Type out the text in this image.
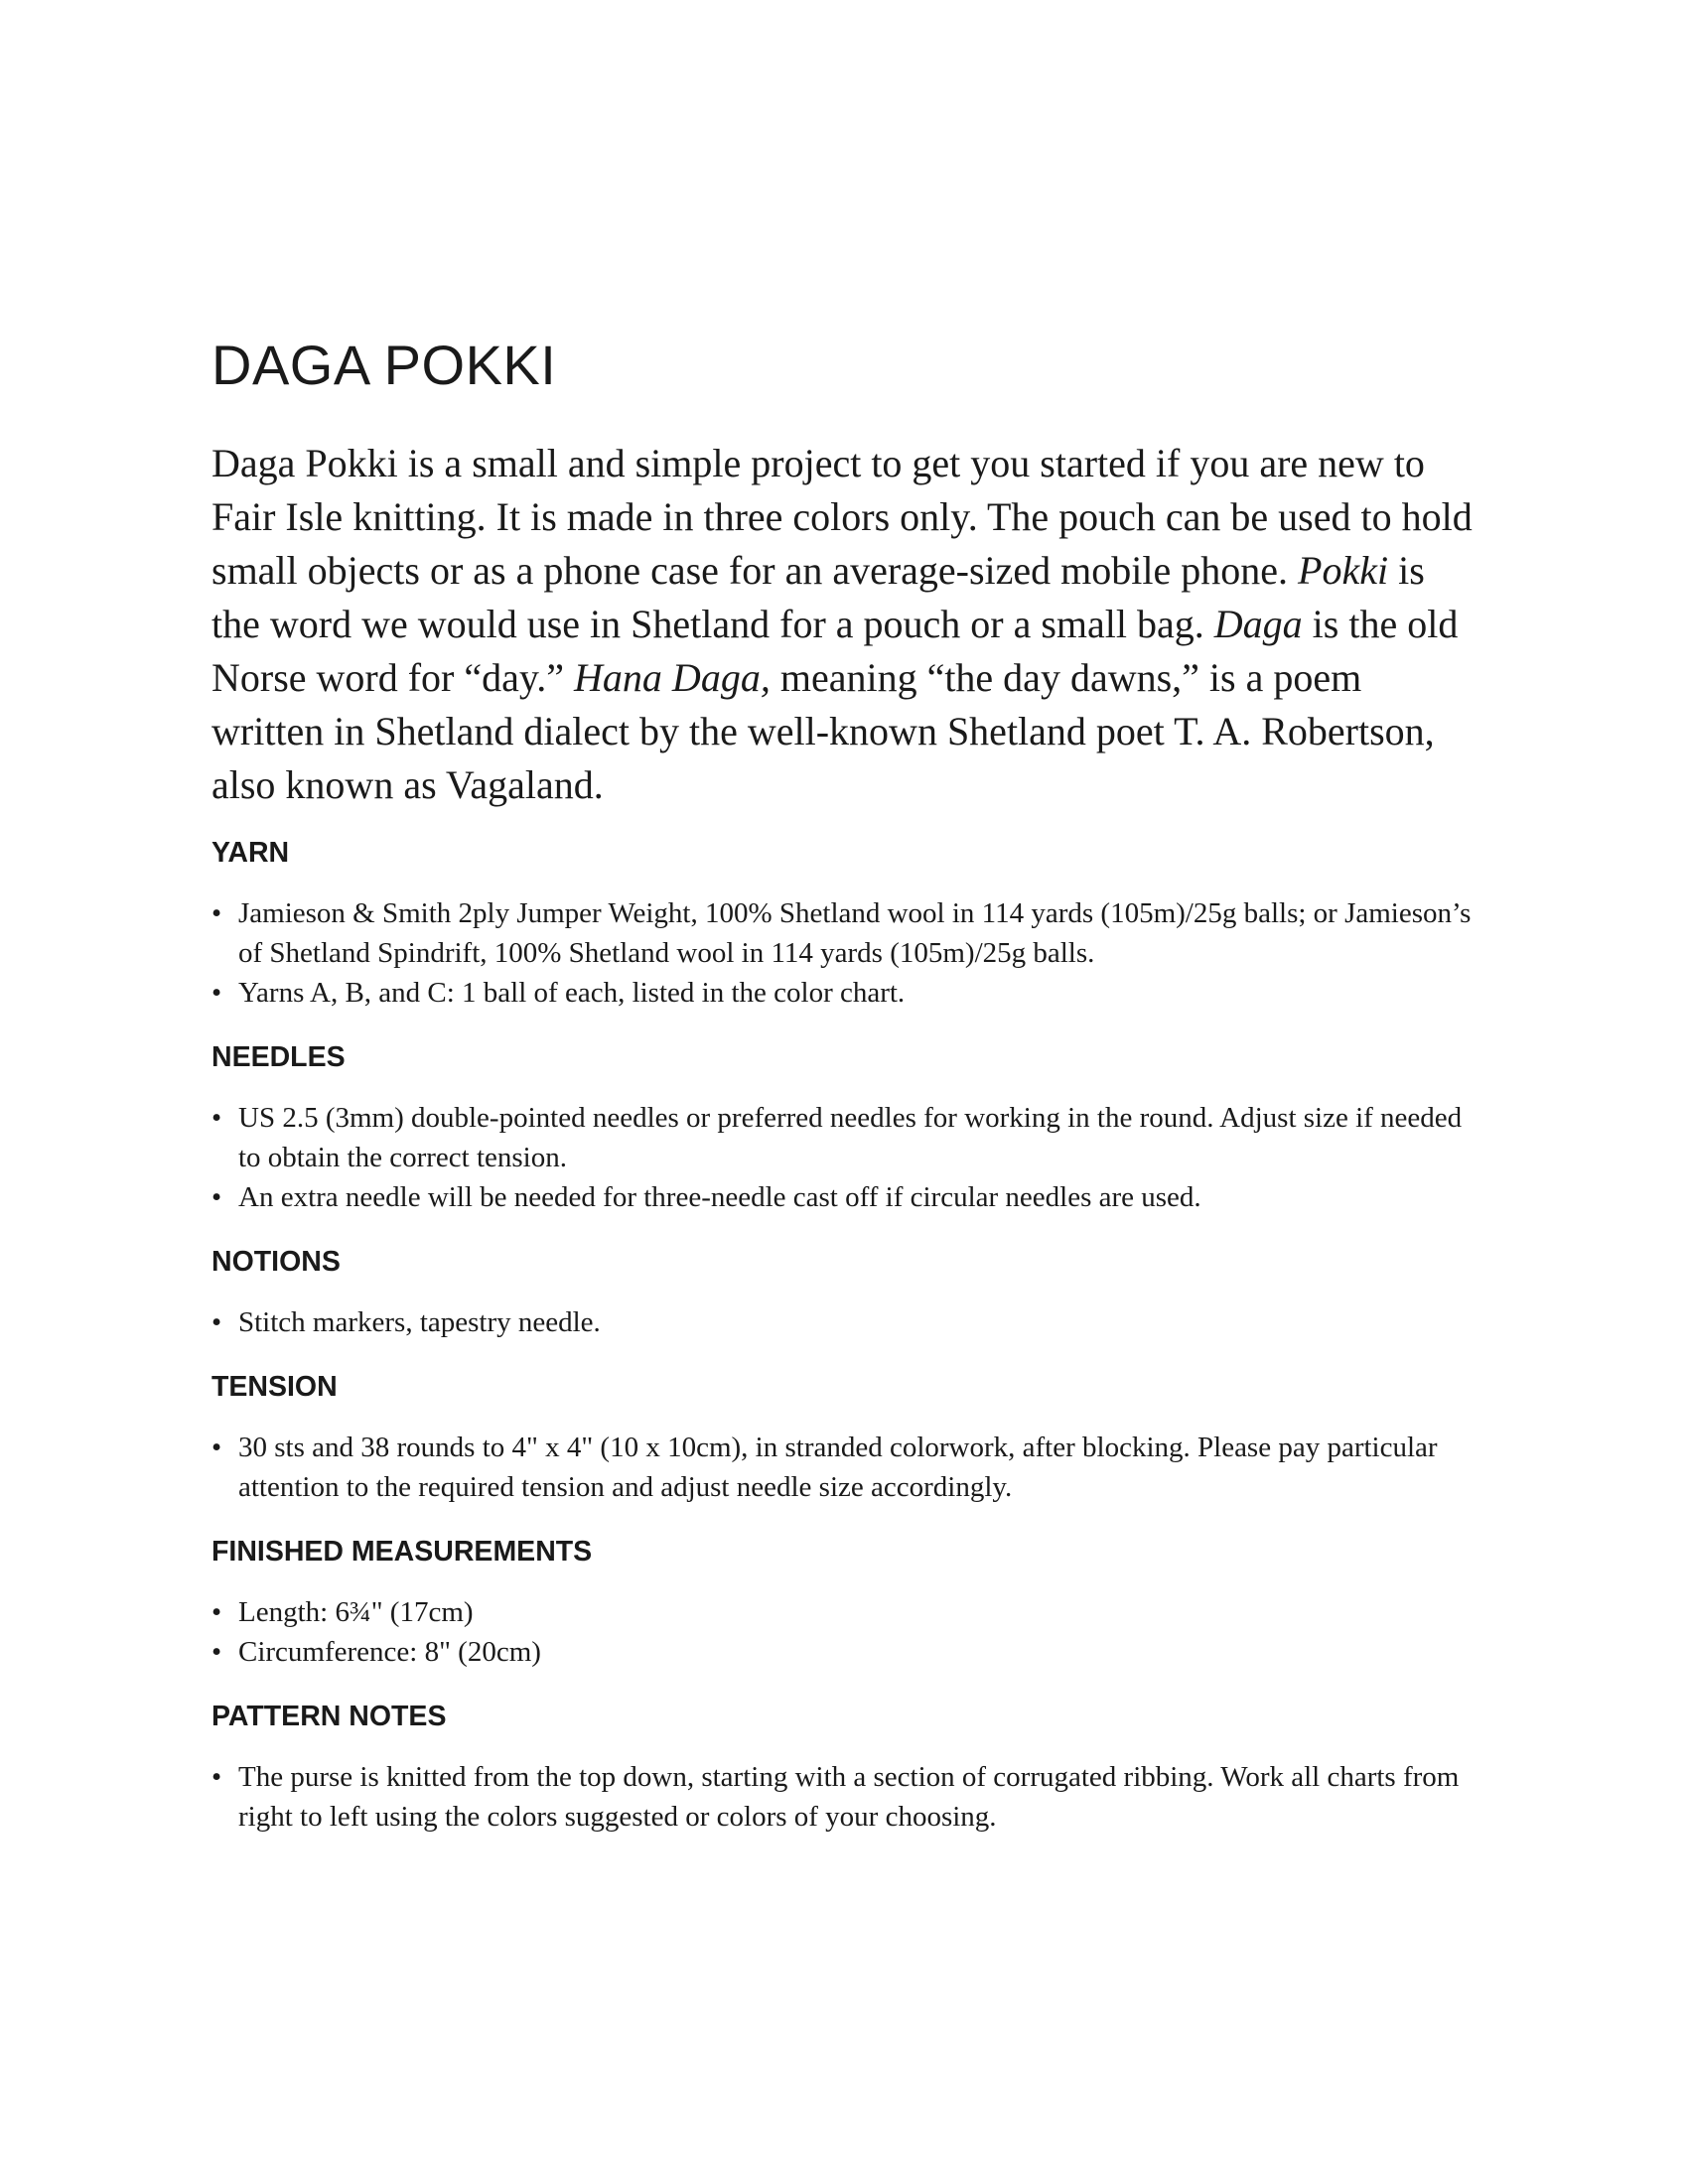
DAGA POKKI

Daga Pokki is a small and simple project to get you started if you are new to Fair Isle knitting. It is made in three colors only. The pouch can be used to hold small objects or as a phone case for an average-sized mobile phone. Pokki is the word we would use in Shetland for a pouch or a small bag. Daga is the old Norse word for “day.” Hana Daga, meaning “the day dawns,” is a poem written in Shetland dialect by the well-known Shetland poet T. A. Robertson, also known as Vagaland.

YARN
• Jamieson & Smith 2ply Jumper Weight, 100% Shetland wool in 114 yards (105m)/25g balls; or Jamieson’s of Shetland Spindrift, 100% Shetland wool in 114 yards (105m)/25g balls.
• Yarns A, B, and C: 1 ball of each, listed in the color chart.
NEEDLES
• US 2.5 (3mm) double-pointed needles or preferred needles for working in the round. Adjust size if needed to obtain the correct tension.
• An extra needle will be needed for three-needle cast off if circular needles are used.
NOTIONS
• Stitch markers, tapestry needle.
TENSION
• 30 sts and 38 rounds to 4" x 4" (10 x 10cm), in stranded colorwork, after blocking. Please pay particular attention to the required tension and adjust needle size accordingly.
FINISHED MEASUREMENTS
• Length: 6¾" (17cm)
• Circumference: 8" (20cm)
PATTERN NOTES
• The purse is knitted from the top down, starting with a section of corrugated ribbing. Work all charts from right to left using the colors suggested or colors of your choosing.
